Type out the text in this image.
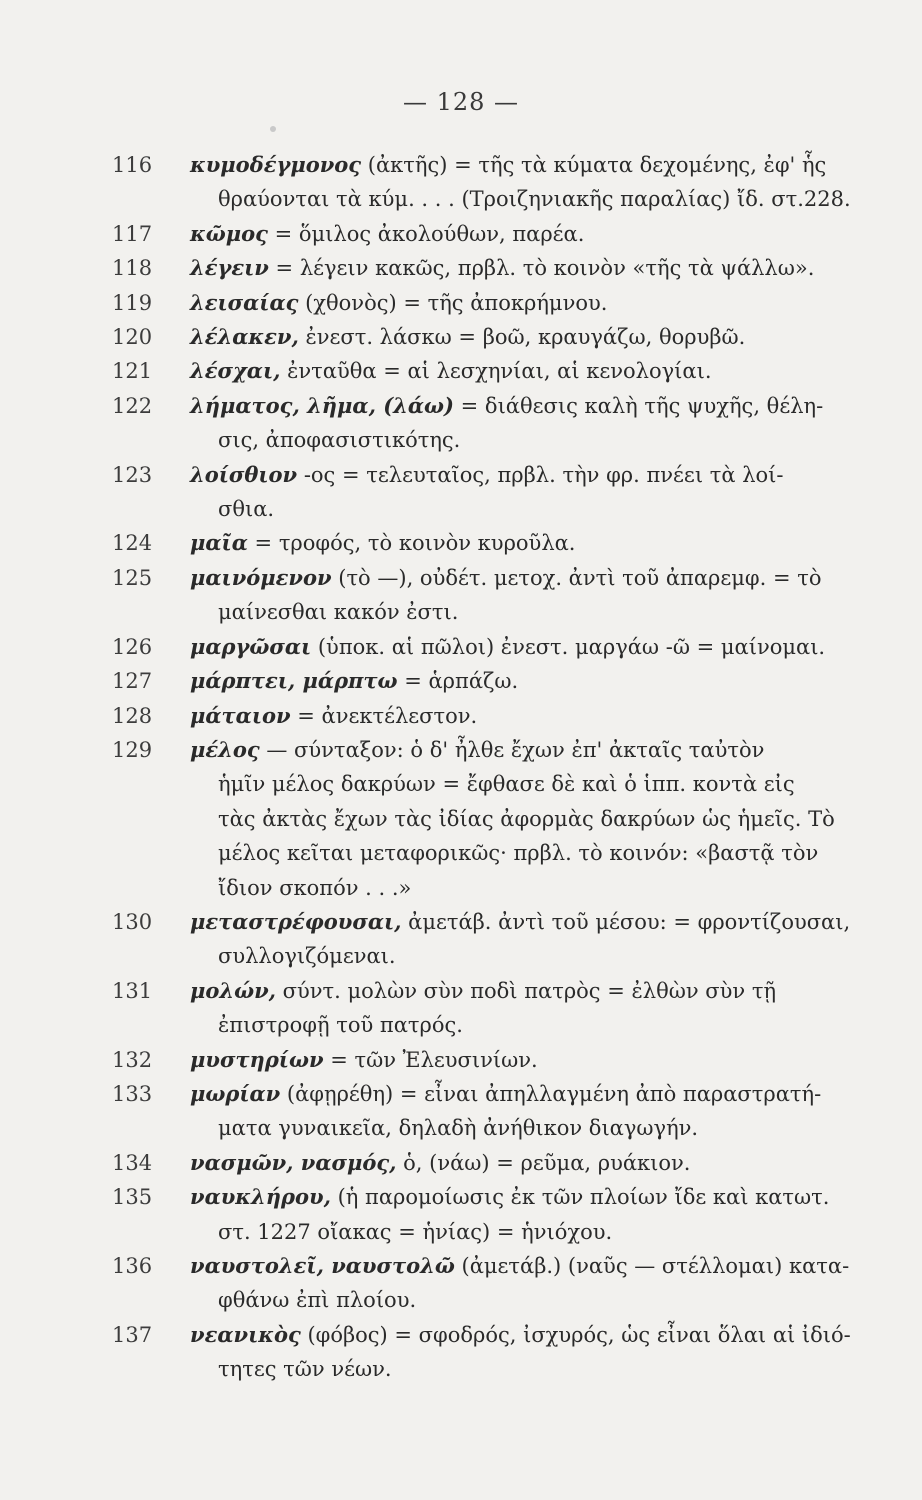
— 128 —
116	κυμοδέγμονος (ἀκτῆς) = τῆς τὰ κύματα δεχομένης, ἐφ' ἧς
θραύονται τὰ κύμ. . . . (Τροιζηνιακῆς παραλίας) ἴδ. στ.228.
117	κῶμος = ὅμιλος ἀκολούθων, παρέα.
118	λέγειν = λέγειν κακῶς, πρβλ. τὸ κοινὸν «τῆς τὰ ψάλλω».
119	λεισαίας (χθονὸς) = τῆς ἀποκρήμνου.
120	λέλακεν, ἐνεστ. λάσκω = βοῶ, κραυγάζω, θορυβῶ.
121	λέσχαι, ἐνταῦθα = αἱ λεσχηνίαι, αἱ κενολογίαι.
122	λήματος, λῆμα, (λάω) = διάθεσις καλὴ τῆς ψυχῆς, θέλη-
σις, ἀποφασιστικότης.
123	λοίσθιον -ος = τελευταῖος, πρβλ. τὴν φρ. πνέει τὰ λοί-
σθια.
124	μαῖα = τροφός, τὸ κοινὸν κυροῦλα.
125	μαινόμενον (τὸ —), οὐδέτ. μετοχ. ἀντὶ τοῦ ἀπαρεμφ. = τὸ
μαίνεσθαι κακόν ἐστι.
126	μαργῶσαι (ὑποκ. αἱ πῶλοι) ἐνεστ. μαργάω -ῶ = μαίνομαι.
127	μάρπτει, μάρπτω = ἁρπάζω.
128	μάταιον = ἀνεκτέλεστον.
129	μέλος — σύνταξον: ὁ δ' ἦλθε ἔχων ἐπ' ἀκταῖς ταὐτὸν
ἡμῖν μέλος δακρύων = ἔφθασε δὲ καὶ ὁ ἱππ. κοντὰ εἰς
τὰς ἀκτὰς ἔχων τὰς ἰδίας ἀφορμὰς δακρύων ὡς ἡμεῖς. Τὸ
μέλος κεῖται μεταφορικῶς· πρβλ. τὸ κοινόν: «βαστᾷ τὸν
ἴδιον σκοπόν . . .»
130	μεταστρέφουσαι, ἀμετάβ. ἀντὶ τοῦ μέσου: = φροντίζουσαι,
συλλογιζόμεναι.
131	μολών, σύντ. μολὼν σὺν ποδὶ πατρὸς = ἐλθὼν σὺν τῇ
ἐπιστροφῇ τοῦ πατρός.
132	μυστηρίων = τῶν Ἐλευσινίων.
133	μωρίαν (ἀφῃρέθη) = εἶναι ἀπηλλαγμένη ἀπὸ παραστρατή-
ματα γυναικεῖα, δηλαδὴ ἀνήθικον διαγωγήν.
134	νασμῶν, νασμός, ὁ, (νάω) = ρεῦμα, ρυάκιον.
135	ναυκλήρου, (ἡ παρομοίωσις ἐκ τῶν πλοίων ἴδε καὶ κατωτ.
στ. 1227 οἴακας = ἡνίας) = ἡνιόχου.
136	ναυστολεῖ, ναυστολῶ (ἀμετάβ.) (ναῦς — στέλλομαι) κατα-
φθάνω ἐπὶ πλοίου.
137	νεανικὸς (φόβος) = σφοδρός, ἰσχυρός, ὡς εἶναι ὅλαι αἱ ἰδιό-
τητες τῶν νέων.
